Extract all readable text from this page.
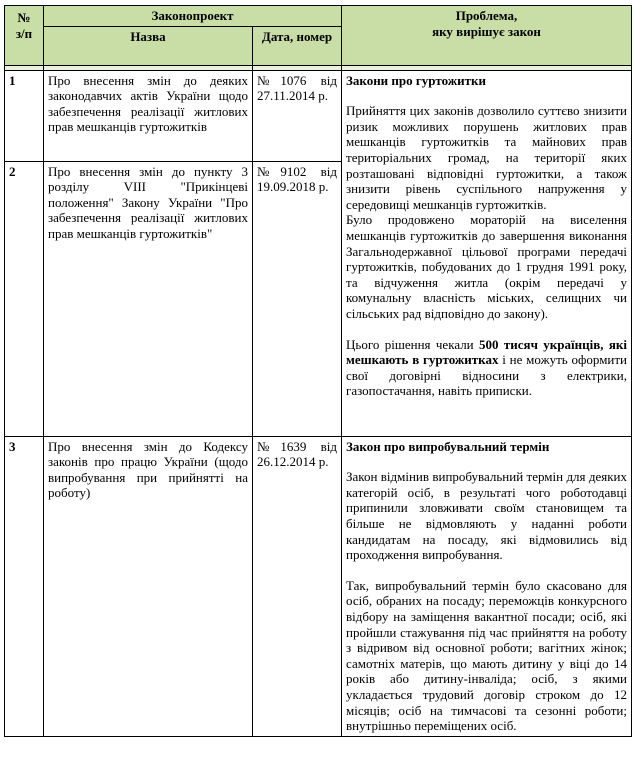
№
з/п	Законопроект		Проблема,
яку вирішує закон
	Назва	Дата, номер	

1	Про внесення змін до деяких законодавчих актів України щодо забезпечення реалізації житлових прав мешканців гуртожитків	№1076 від 27.11.2014 р.	Закони про гуртожитки

Прийняття цих законів дозволило суттєво знизити ризик можливих порушень житлових прав мешканців гуртожитків та майнових прав територіальних громад, на території яких розташовані відповідні гуртожитки, а також знизити рівень суспільного напруження у середовищі мешканців гуртожитків.

Було продовжено мораторій на виселення мешканців гуртожитків до завершення виконання Загальнодержавної цільової програми передачі гуртожитків, побудованих до 1 грудня 1991 року, та відчуження житла (окрім передачі у комунальну власність міських, селищних чи сільських рад відповідно до закону).

Цього рішення чекали 500 тисяч українців, які мешкають в гуртожитках і не можуть оформити свої договірні відносини з електрики, газопостачання, навіть приписки.

2	Про внесення змін до пункту 3 розділу VIII "Прикінцеві положення" Закону України "Про забезпечення реалізації житлових прав мешканців гуртожитків"	№9102 від 19.09.2018 р.	
3	Про внесення змін до Кодексу законів про працю України (щодо випробування при прийнятті на роботу)	№1639 від 26.12.2014 р.	Закон про випробувальний термін

Закон відмінив випробувальний термін для деяких категорій осіб, в результаті чого роботодавці припинили зловживати своїм становищем та більше не відмовляють у наданні роботи кандидатам на посаду, які відмовились від проходження випробування.

Так, випробувальний термін було скасовано для осіб, обраних на посаду; переможців конкурсного відбору на заміщення вакантної посади; осіб, які пройшли стажування під час прийняття на роботу з відривом від основної роботи; вагітних жінок; самотніх матерів, що мають дитину у віці до 14 років або дитину-інваліда; осіб, з якими укладається трудовий договір строком до 12 місяців; осіб на тимчасові та сезонні роботи; внутрішньо переміщених осіб.
